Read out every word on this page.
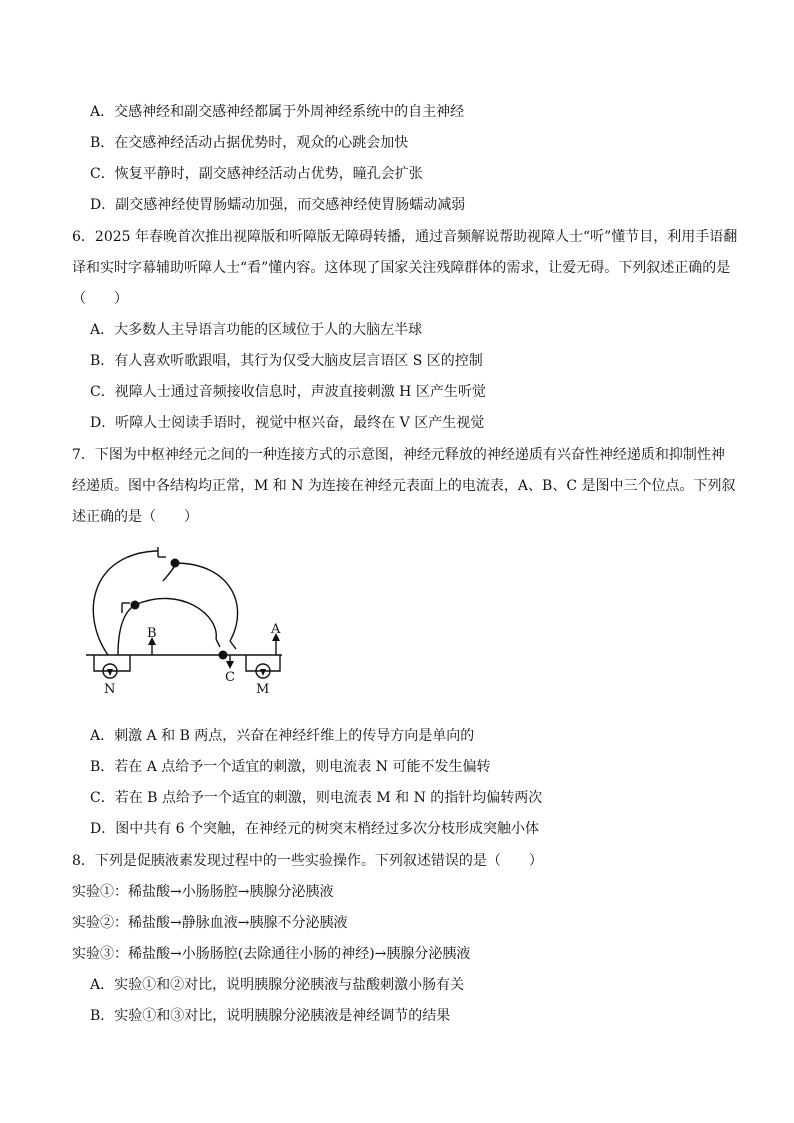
A．交感神经和副交感神经都属于外周神经系统中的自主神经
B．在交感神经活动占据优势时，观众的心跳会加快
C．恢复平静时，副交感神经活动占优势，瞳孔会扩张
D．副交感神经使胃肠蠕动加强，而交感神经使胃肠蠕动减弱
6．2025 年春晚首次推出视障版和听障版无障碍转播，通过音频解说帮助视障人士“听”懂节目，利用手语翻
译和实时字幕辅助听障人士“看”懂内容。这体现了国家关注残障群体的需求，让爱无碍。下列叙述正确的是
（　　）
A．大多数人主导语言功能的区域位于人的大脑左半球
B．有人喜欢听歌跟唱，其行为仅受大脑皮层言语区 S 区的控制
C．视障人士通过音频接收信息时，声波直接刺激 H 区产生听觉
D．听障人士阅读手语时，视觉中枢兴奋，最终在 V 区产生视觉
7．下图为中枢神经元之间的一种连接方式的示意图，神经元释放的神经递质有兴奋性神经递质和抑制性神
经递质。图中各结构均正常，M 和 N 为连接在神经元表面上的电流表，A、B、C 是图中三个位点。下列叙
述正确的是（　　）
B	A
C
N	M
A．刺激 A 和 B 两点，兴奋在神经纤维上的传导方向是单向的
B．若在 A 点给予一个适宜的刺激，则电流表 N 可能不发生偏转
C．若在 B 点给予一个适宜的刺激，则电流表 M 和 N 的指针均偏转两次
D．图中共有 6 个突触，在神经元的树突末梢经过多次分枝形成突触小体
8．下列是促胰液素发现过程中的一些实验操作。下列叙述错误的是（　　）
实验①：稀盐酸→小肠肠腔→胰腺分泌胰液
实验②：稀盐酸→静脉血液→胰腺不分泌胰液
实验③：稀盐酸→小肠肠腔(去除通往小肠的神经)→胰腺分泌胰液
A．实验①和②对比，说明胰腺分泌胰液与盐酸刺激小肠有关
B．实验①和③对比，说明胰腺分泌胰液是神经调节的结果
